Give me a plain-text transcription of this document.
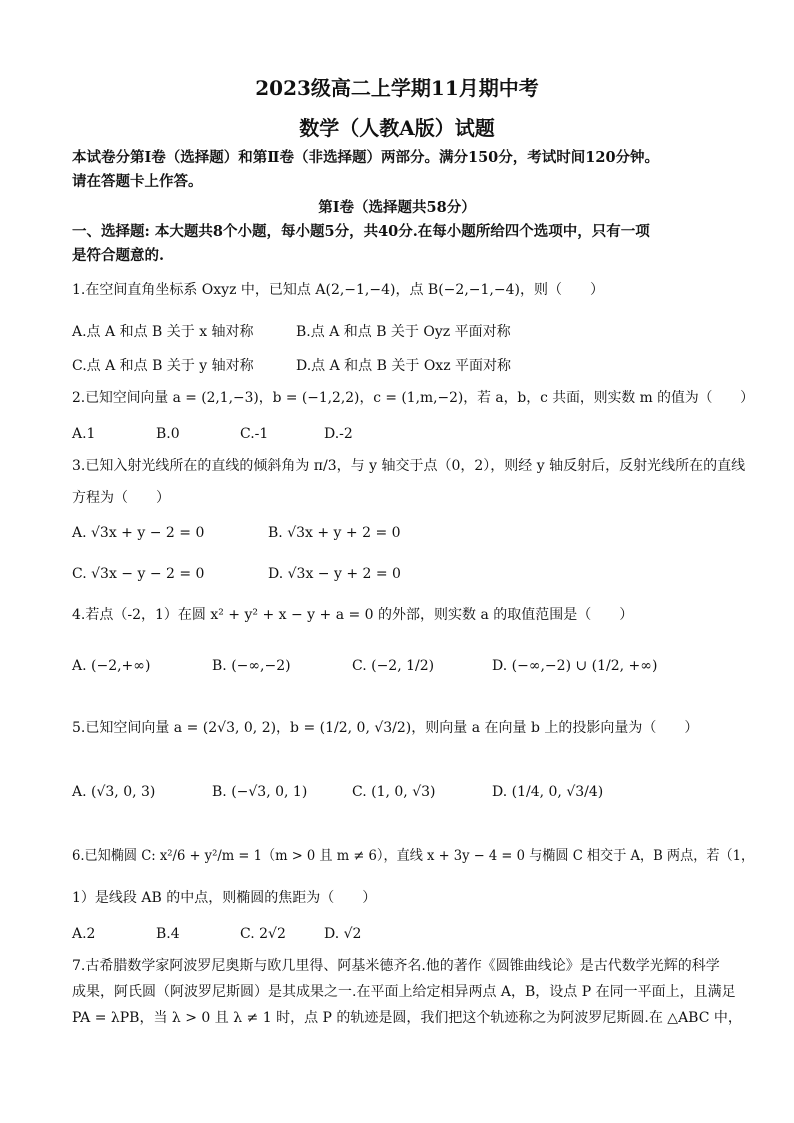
2023级高二上学期11月期中考
数学（人教A版）试题
本试卷分第Ⅰ卷（选择题）和第Ⅱ卷（非选择题）两部分。满分150分，考试时间120分钟。
请在答题卡上作答。
第Ⅰ卷（选择题共58分）
一、选择题: 本大题共8个小题，每小题5分，共40分.在每小题所给四个选项中，只有一项
是符合题意的.
1.在空间直角坐标系 Oxyz 中，已知点 A(2,−1,−4)，点 B(−2,−1,−4)，则（　　）
A.点 A 和点 B 关于 x 轴对称	B.点 A 和点 B 关于 Oyz 平面对称
C.点 A 和点 B 关于 y 轴对称	D.点 A 和点 B 关于 Oxz 平面对称
2.已知空间向量 a = (2,1,−3)，b = (−1,2,2)，c = (1,m,−2)，若 a，b，c 共面，则实数 m 的值为（　　）
A.1	B.0	C.-1	D.-2
3.已知入射光线所在的直线的倾斜角为 π/3，与 y 轴交于点（0，2），则经 y 轴反射后，反射光线所在的直线
方程为（　　）
A. √3x + y − 2 = 0	B. √3x + y + 2 = 0
C. √3x − y − 2 = 0	D. √3x − y + 2 = 0
4.若点（-2，1）在圆 x² + y² + x − y + a = 0 的外部，则实数 a 的取值范围是（　　）
A. (−2,+∞)	B. (−∞,−2)	C. (−2, 1/2)	D. (−∞,−2) ∪ (1/2, +∞)
5.已知空间向量 a = (2√3, 0, 2)，b = (1/2, 0, √3/2)，则向量 a 在向量 b 上的投影向量为（　　）
A. (√3, 0, 3)	B. (−√3, 0, 1)	C. (1, 0, √3)	D. (1/4, 0, √3/4)
6.已知椭圆 C: x²/6 + y²/m = 1（m > 0 且 m ≠ 6），直线 x + 3y − 4 = 0 与椭圆 C 相交于 A，B 两点，若（1，
1）是线段 AB 的中点，则椭圆的焦距为（　　）
A.2	B.4	C. 2√2	D. √2
7.古希腊数学家阿波罗尼奥斯与欧几里得、阿基米德齐名.他的著作《圆锥曲线论》是古代数学光辉的科学
成果，阿氏圆（阿波罗尼斯圆）是其成果之一.在平面上给定相异两点 A，B，设点 P 在同一平面上，且满足
PA = λPB，当 λ > 0 且 λ ≠ 1 时，点 P 的轨迹是圆，我们把这个轨迹称之为阿波罗尼斯圆.在 △ABC 中，
